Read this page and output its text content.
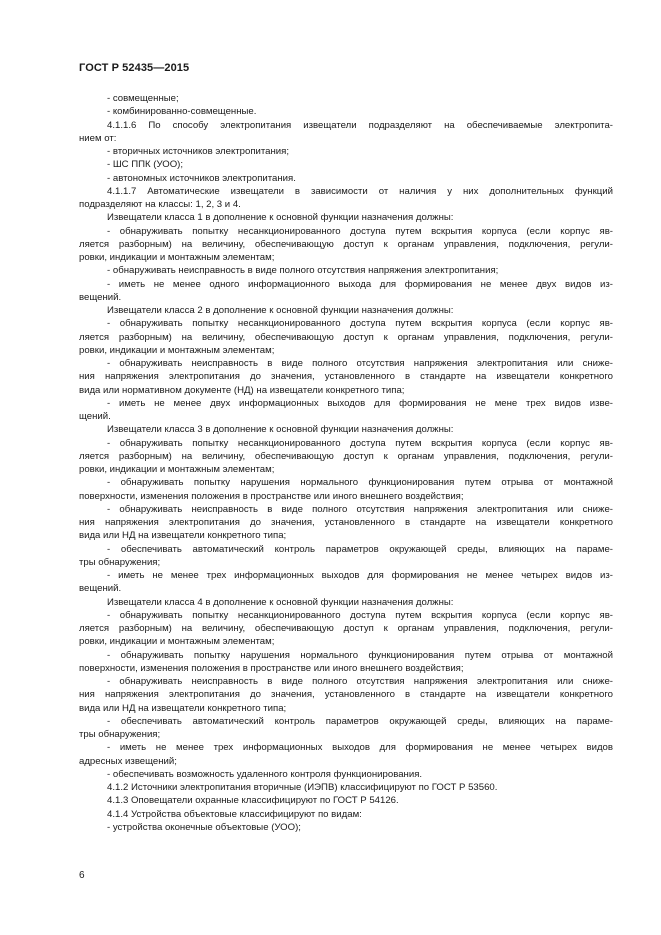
ГОСТ Р 52435—2015
- совмещенные;
- комбинированно-совмещенные.
4.1.1.6 По способу электропитания извещатели подразделяют на обеспечиваемые электропита-
нием от:
- вторичных источников электропитания;
- ШС ППК (УОО);
- автономных источников электропитания.
4.1.1.7 Автоматические извещатели в зависимости от наличия у них дополнительных функций
подразделяют на классы: 1, 2, 3 и 4.
Извещатели класса 1 в дополнение к основной функции назначения должны:
- обнаруживать попытку несанкционированного доступа путем вскрытия корпуса (если корпус яв-
ляется разборным) на величину, обеспечивающую доступ к органам управления, подключения, регули-
ровки, индикации и монтажным элементам;
- обнаруживать неисправность в виде полного отсутствия напряжения электропитания;
- иметь не менее одного информационного выхода для формирования не менее двух видов из-
вещений.
Извещатели класса 2 в дополнение к основной функции назначения должны:
- обнаруживать попытку несанкционированного доступа путем вскрытия корпуса (если корпус яв-
ляется разборным) на величину, обеспечивающую доступ к органам управления, подключения, регули-
ровки, индикации и монтажным элементам;
- обнаруживать неисправность в виде полного отсутствия напряжения электропитания или сниже-
ния напряжения электропитания до значения, установленного в стандарте на извещатели конкретного
вида или нормативном документе (НД) на извещатели конкретного типа;
- иметь не менее двух информационных выходов для формирования не мене трех видов изве-
щений.
Извещатели класса 3 в дополнение к основной функции назначения должны:
- обнаруживать попытку несанкционированного доступа путем вскрытия корпуса (если корпус яв-
ляется разборным) на величину, обеспечивающую доступ к органам управления, подключения, регули-
ровки, индикации и монтажным элементам;
- обнаруживать попытку нарушения нормального функционирования путем отрыва от монтажной
поверхности, изменения положения в пространстве или иного внешнего воздействия;
- обнаруживать неисправность в виде полного отсутствия напряжения электропитания или сниже-
ния напряжения электропитания до значения, установленного в стандарте на извещатели конкретного
вида или НД на извещатели конкретного типа;
- обеспечивать автоматический контроль параметров окружающей среды, влияющих на параме-
тры обнаружения;
- иметь не менее трех информационных выходов для формирования не менее четырех видов из-
вещений.
Извещатели класса 4 в дополнение к основной функции назначения должны:
- обнаруживать попытку несанкционированного доступа путем вскрытия корпуса (если корпус яв-
ляется разборным) на величину, обеспечивающую доступ к органам управления, подключения, регули-
ровки, индикации и монтажным элементам;
- обнаруживать попытку нарушения нормального функционирования путем отрыва от монтажной
поверхности, изменения положения в пространстве или иного внешнего воздействия;
- обнаруживать неисправность в виде полного отсутствия напряжения электропитания или сниже-
ния напряжения электропитания до значения, установленного в стандарте на извещатели конкретного
вида или НД на извещатели конкретного типа;
- обеспечивать автоматический контроль параметров окружающей среды, влияющих на параме-
тры обнаружения;
- иметь не менее трех информационных выходов для формирования не менее четырех видов
адресных извещений;
- обеспечивать возможность удаленного контроля функционирования.
4.1.2 Источники электропитания вторичные (ИЭПВ) классифицируют по ГОСТ Р 53560.
4.1.3 Оповещатели охранные классифицируют по ГОСТ Р 54126.
4.1.4 Устройства объектовые классифицируют по видам:
- устройства оконечные объектовые (УОО);
6
